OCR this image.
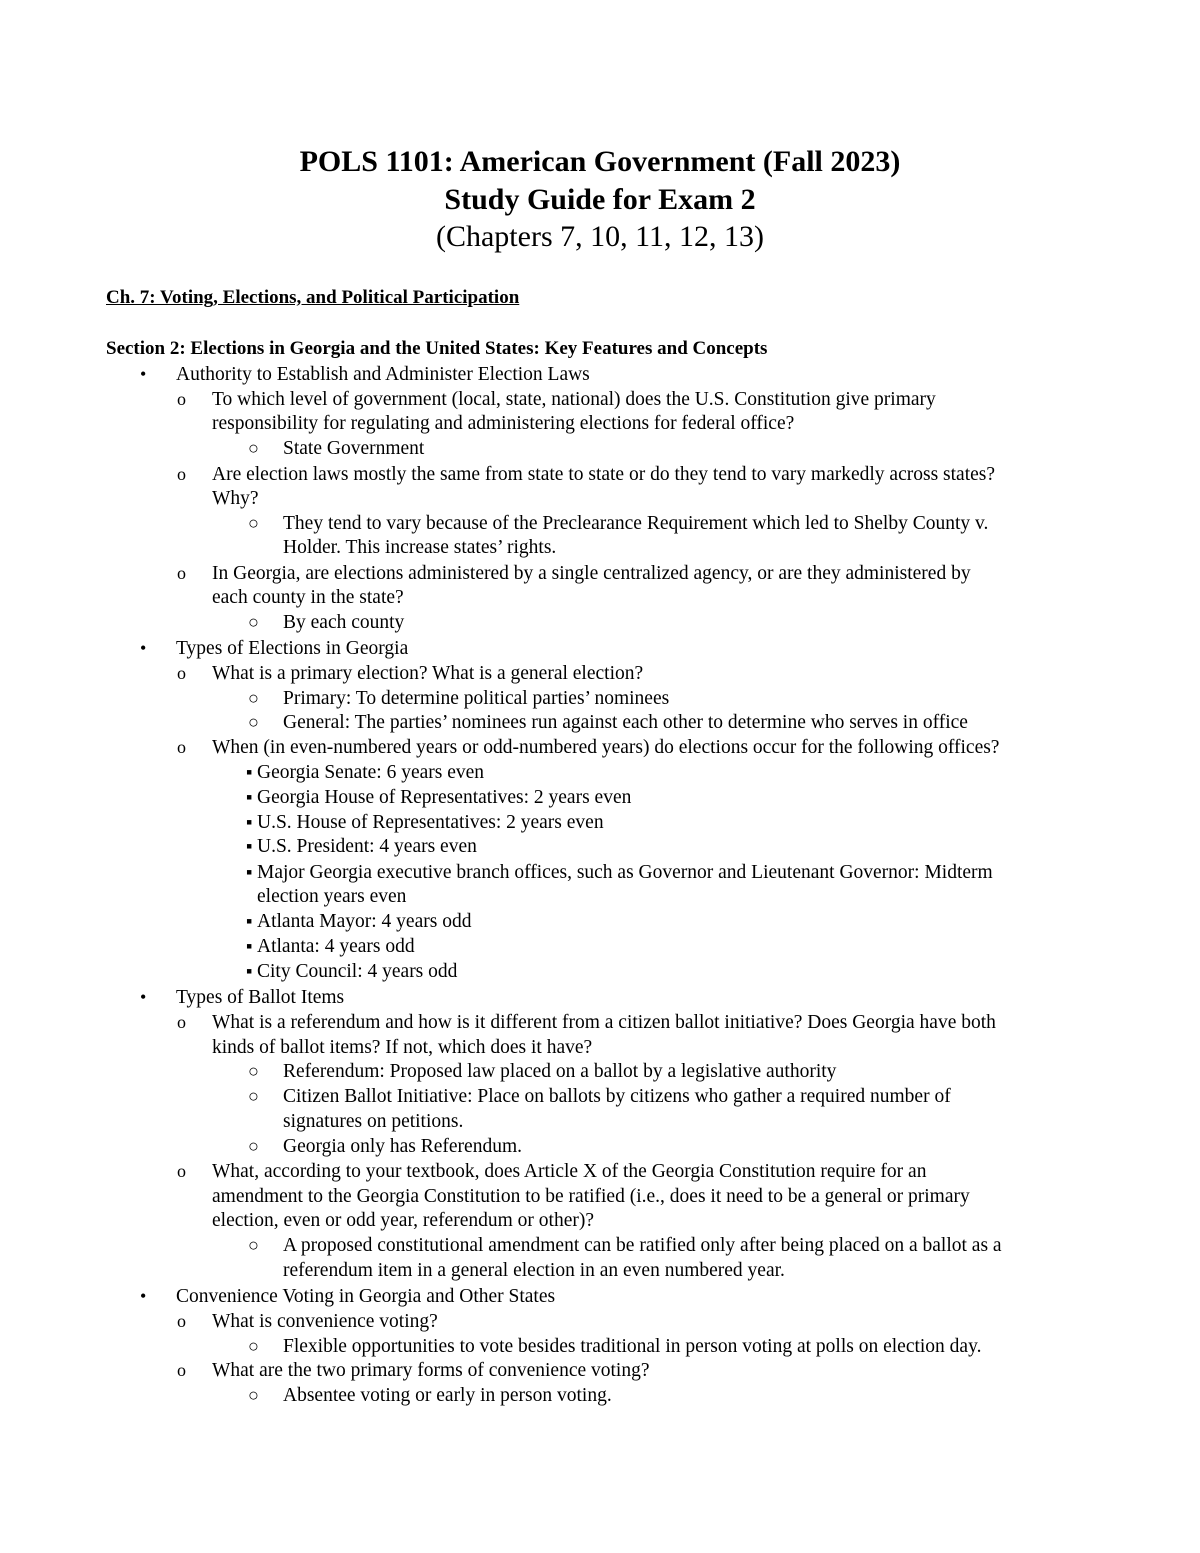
POLS 1101: American Government (Fall 2023)
Study Guide for Exam 2
(Chapters 7, 10, 11, 12, 13)
Ch. 7: Voting, Elections, and Political Participation
Section 2: Elections in Georgia and the United States: Key Features and Concepts
• Authority to Establish and Administer Election Laws
o To which level of government (local, state, national) does the U.S. Constitution give primary
responsibility for regulating and administering elections for federal office?
○ State Government
o Are election laws mostly the same from state to state or do they tend to vary markedly across states?
Why?
○ They tend to vary because of the Preclearance Requirement which led to Shelby County v.
Holder. This increase states’ rights.
o In Georgia, are elections administered by a single centralized agency, or are they administered by
each county in the state?
○ By each county
• Types of Elections in Georgia
o What is a primary election? What is a general election?
○ Primary: To determine political parties’ nominees
○ General: The parties’ nominees run against each other to determine who serves in office
o When (in even-numbered years or odd-numbered years) do elections occur for the following offices?
▪ Georgia Senate: 6 years even
▪ Georgia House of Representatives: 2 years even
▪ U.S. House of Representatives: 2 years even
▪ U.S. President: 4 years even
▪ Major Georgia executive branch offices, such as Governor and Lieutenant Governor: Midterm
election years even
▪ Atlanta Mayor: 4 years odd
▪ Atlanta: 4 years odd
▪ City Council: 4 years odd
• Types of Ballot Items
o What is a referendum and how is it different from a citizen ballot initiative? Does Georgia have both
kinds of ballot items? If not, which does it have?
○ Referendum: Proposed law placed on a ballot by a legislative authority
○ Citizen Ballot Initiative: Place on ballots by citizens who gather a required number of
signatures on petitions.
○ Georgia only has Referendum.
o What, according to your textbook, does Article X of the Georgia Constitution require for an
amendment to the Georgia Constitution to be ratified (i.e., does it need to be a general or primary
election, even or odd year, referendum or other)?
○ A proposed constitutional amendment can be ratified only after being placed on a ballot as a
referendum item in a general election in an even numbered year.
• Convenience Voting in Georgia and Other States
o What is convenience voting?
○ Flexible opportunities to vote besides traditional in person voting at polls on election day.
o What are the two primary forms of convenience voting?
○ Absentee voting or early in person voting.
